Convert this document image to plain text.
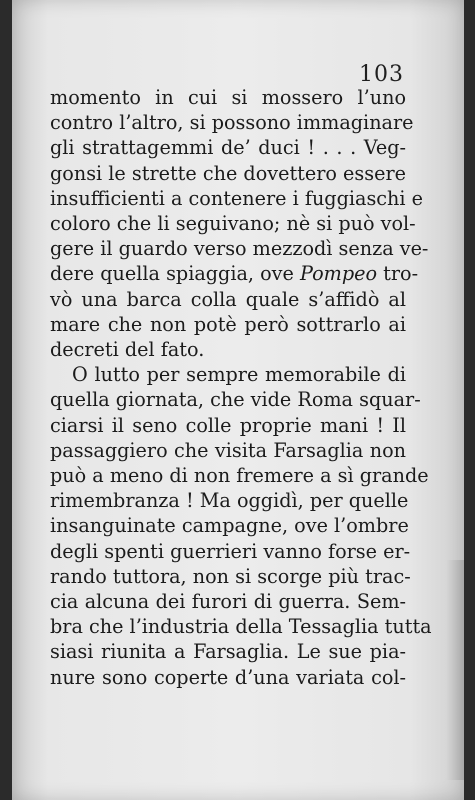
103
momento in cui si mossero l’uno
contro l’altro, si possono immaginare
gli strattagemmi de’ duci ! . . . Veg-
gonsi le strette che dovettero essere
insufficienti a contenere i fuggiaschi e
coloro che li seguivano; nè si può vol-
gere il guardo verso mezzodì senza ve-
dere quella spiaggia, ove Pompeo tro-
vò una barca colla quale s’affidò al
mare che non potè però sottrarlo ai
decreti del fato.
O lutto per sempre memorabile di
quella giornata, che vide Roma squar-
ciarsi il seno colle proprie mani ! Il
passaggiero che visita Farsaglia non
può a meno di non fremere a sì grande
rimembranza ! Ma oggidì, per quelle
insanguinate campagne, ove l’ombre
degli spenti guerrieri vanno forse er-
rando tuttora, non si scorge più trac-
cia alcuna dei furori di guerra. Sem-
bra che l’industria della Tessaglia tutta
siasi riunita a Farsaglia. Le sue pia-
nure sono coperte d’una variata col-
